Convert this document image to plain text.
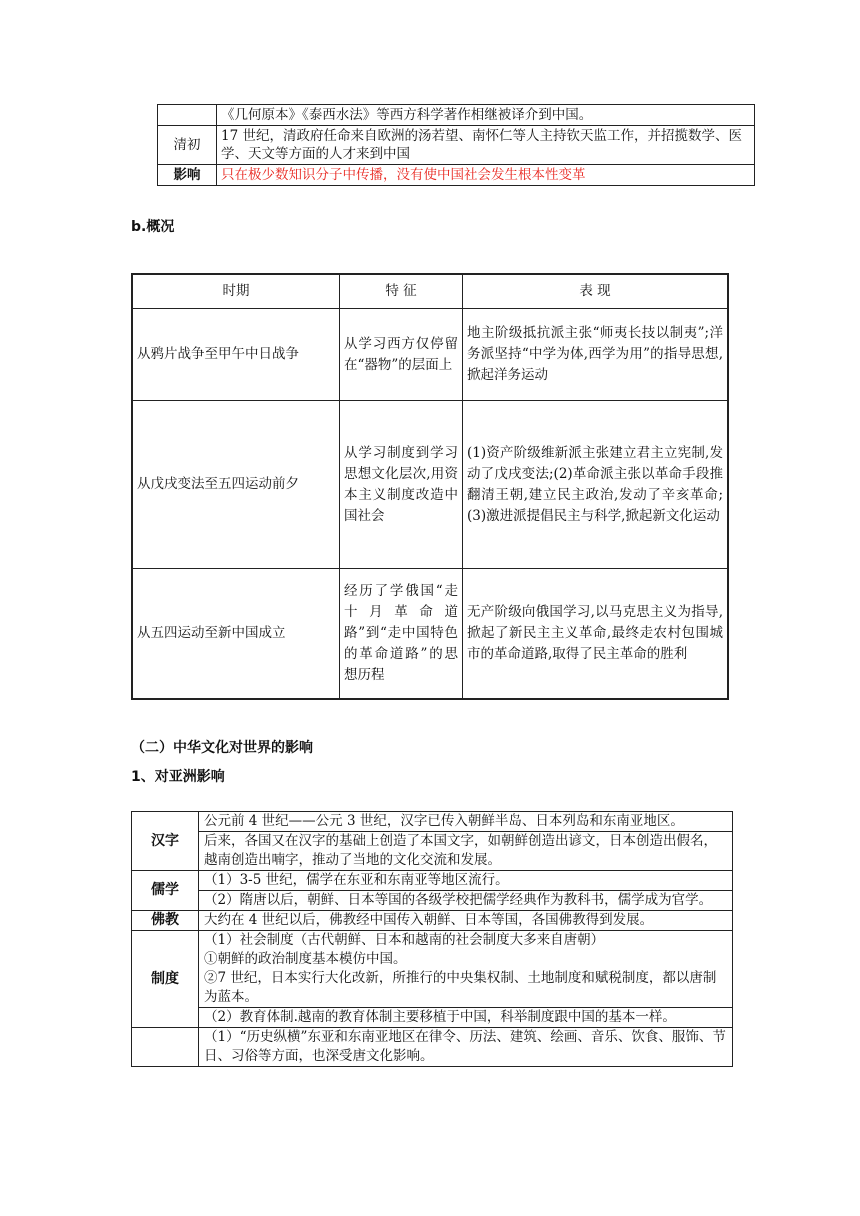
	《几何原本》《泰西水法》等西方科学著作相继被译介到中国。
清初	17 世纪，清政府任命来自欧洲的汤若望、南怀仁等人主持钦天监工作，并招揽数学、医学、天文等方面的人才来到中国
影响	只在极少数知识分子中传播，没有使中国社会发生根本性变革
b.概况
时期	特 征	表 现
从鸦片战争至甲午中日战争	从学习西方仅停留在“器物”的层面上	地主阶级抵抗派主张“师夷长技以制夷”;洋务派坚持“中学为体,西学为用”的指导思想,掀起洋务运动
从戊戌变法至五四运动前夕	从学习制度到学习思想文化层次,用资本主义制度改造中国社会	(1)资产阶级维新派主张建立君主立宪制,发动了戊戌变法;(2)革命派主张以革命手段推翻清王朝,建立民主政治,发动了辛亥革命;(3)激进派提倡民主与科学,掀起新文化运动
从五四运动至新中国成立	经历了学俄国“走十月革命道路”到“走中国特色的革命道路”的思想历程	无产阶级向俄国学习,以马克思主义为指导,掀起了新民主主义革命,最终走农村包围城市的革命道路,取得了民主革命的胜利
（二）中华文化对世界的影响
1、对亚洲影响
汉字	公元前 4 世纪——公元 3 世纪，汉字已传入朝鲜半岛、日本列岛和东南亚地区。
	后来，各国又在汉字的基础上创造了本国文字，如朝鲜创造出谚文，日本创造出假名，越南创造出喃字，推动了当地的文化交流和发展。
儒学	（1）3-5 世纪，儒学在东亚和东南亚等地区流行。
	（2）隋唐以后，朝鲜、日本等国的各级学校把儒学经典作为教科书，儒学成为官学。
佛教	大约在 4 世纪以后，佛教经中国传入朝鲜、日本等国，各国佛教得到发展。
制度	（1）社会制度（古代朝鲜、日本和越南的社会制度大多来自唐朝）
①朝鲜的政治制度基本模仿中国。
②7 世纪，日本实行大化改新，所推行的中央集权制、土地制度和赋税制度，都以唐制为蓝本。

	（2）教育体制.越南的教育体制主要移植于中国，科举制度跟中国的基本一样。
	（1）“历史纵横”东亚和东南亚地区在律令、历法、建筑、绘画、音乐、饮食、服饰、节日、习俗等方面，也深受唐文化影响。
